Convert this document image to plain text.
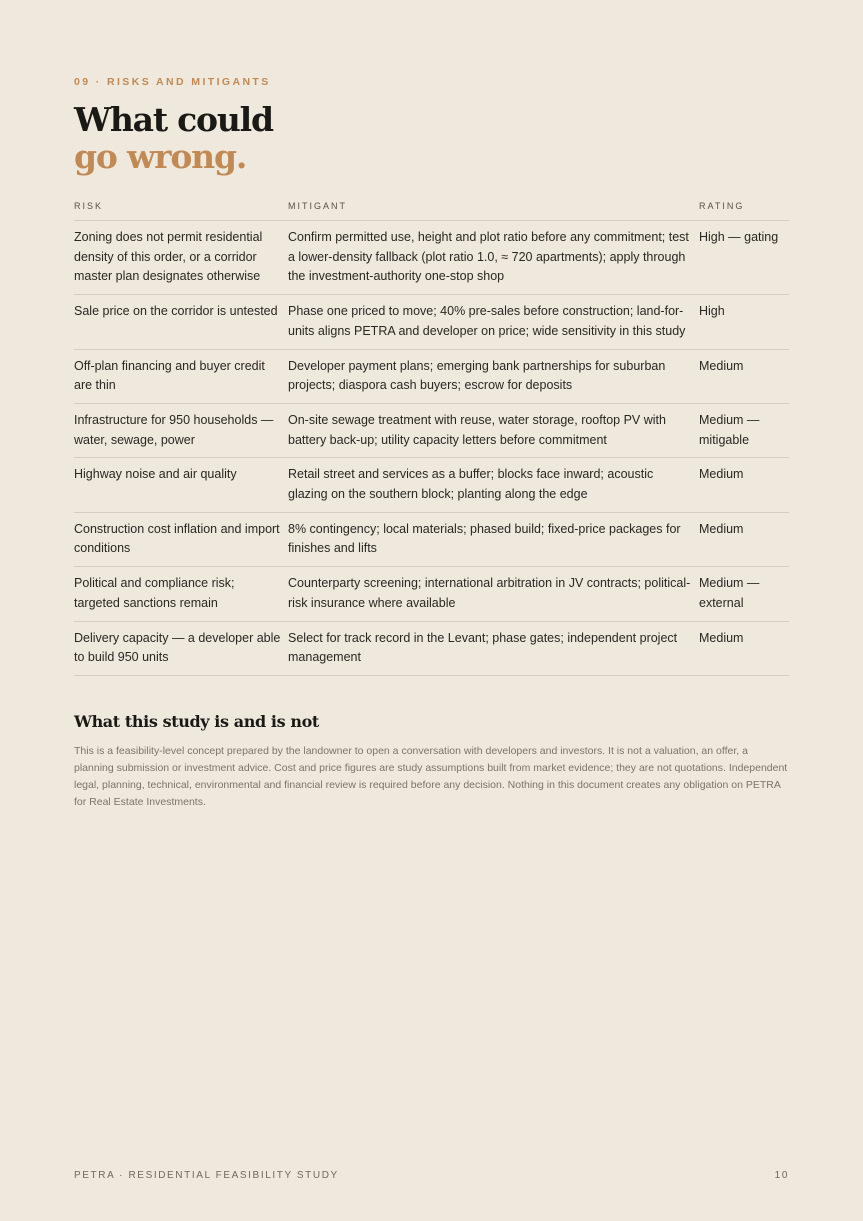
09 · RISKS AND MITIGANTS
What could
go wrong.
RISK	MITIGANT	RATING
Zoning does not permit residential density of this order, or a corridor master plan designates otherwise	Confirm permitted use, height and plot ratio before any commitment; test a lower-density fallback (plot ratio 1.0, ≈ 720 apartments); apply through the investment-authority one-stop shop	High — gating
Sale price on the corridor is untested	Phase one priced to move; 40% pre-sales before construction; land-for-units aligns PETRA and developer on price; wide sensitivity in this study	High
Off-plan financing and buyer credit are thin	Developer payment plans; emerging bank partnerships for suburban projects; diaspora cash buyers; escrow for deposits	Medium
Infrastructure for 950 households — water, sewage, power	On-site sewage treatment with reuse, water storage, rooftop PV with battery back-up; utility capacity letters before commitment	Medium — mitigable
Highway noise and air quality	Retail street and services as a buffer; blocks face inward; acoustic glazing on the southern block; planting along the edge	Medium
Construction cost inflation and import conditions	8% contingency; local materials; phased build; fixed-price packages for finishes and lifts	Medium
Political and compliance risk; targeted sanctions remain	Counterparty screening; international arbitration in JV contracts; political-risk insurance where available	Medium — external
Delivery capacity — a developer able to build 950 units	Select for track record in the Levant; phase gates; independent project management	Medium
What this study is and is not

This is a feasibility-level concept prepared by the landowner to open a conversation with developers and investors. It is not a valuation, an offer, a planning submission or investment advice. Cost and price figures are study assumptions built from market evidence; they are not quotations. Independent legal, planning, technical, environmental and financial review is required before any decision. Nothing in this document creates any obligation on PETRA for Real Estate Investments.

PETRA · RESIDENTIAL FEASIBILITY STUDY	10
